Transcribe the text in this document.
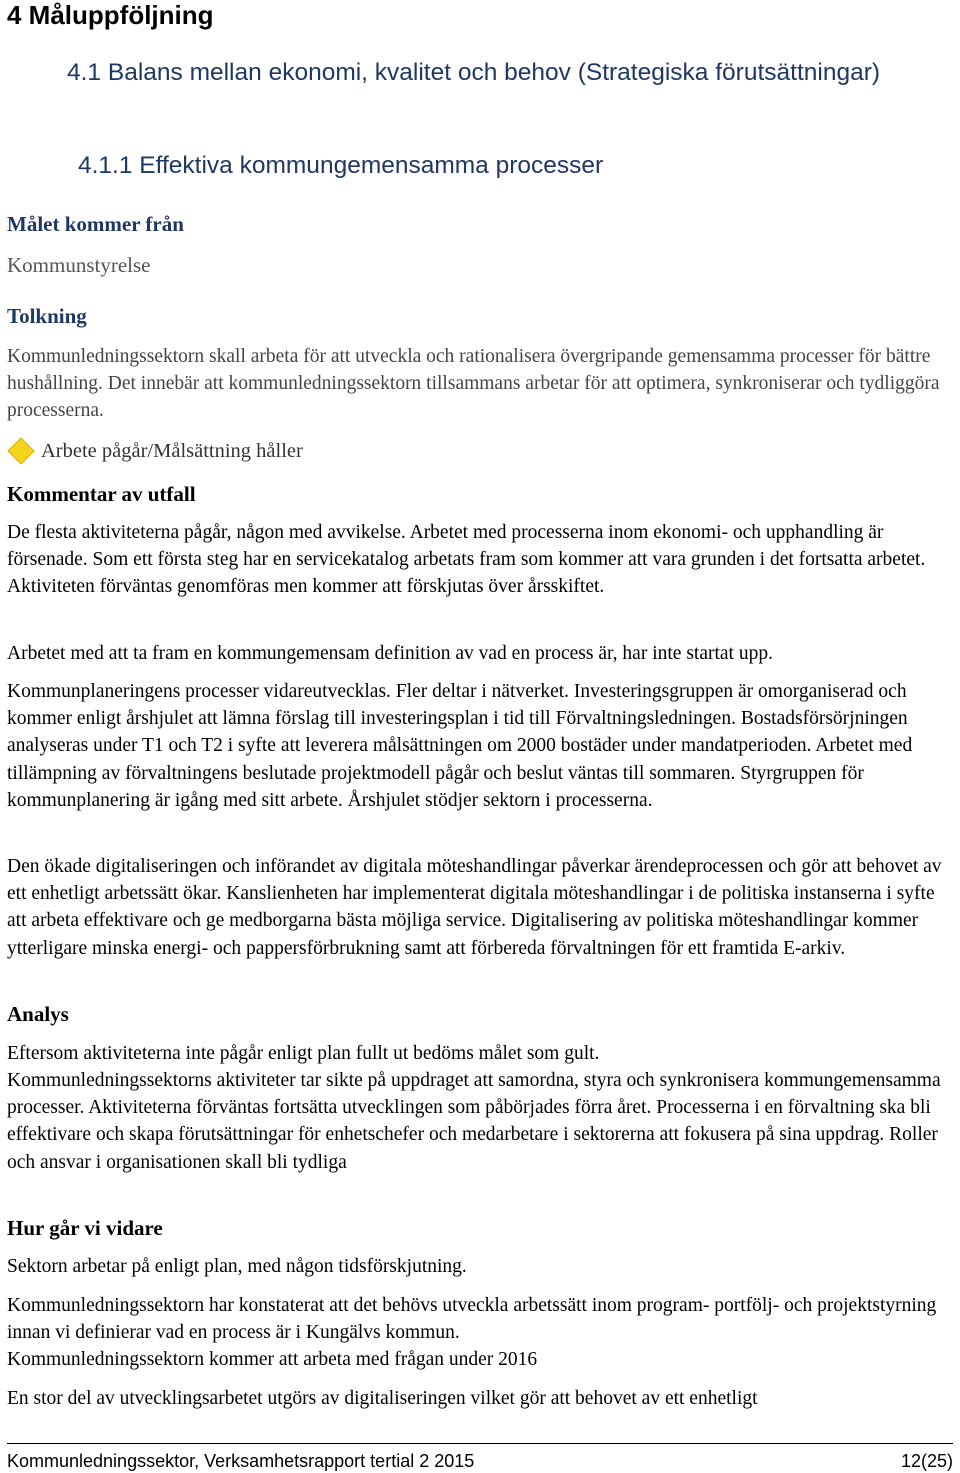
4 Måluppföljning
4.1 Balans mellan ekonomi, kvalitet och behov (Strategiska förutsättningar)
4.1.1 Effektiva kommungemensamma processer
Målet kommer från
Kommunstyrelse
Tolkning

Kommunledningssektorn skall arbeta för att utveckla och rationalisera övergripande gemensamma processer för bättre hushållning. Det innebär att kommunledningssektorn tillsammans arbetar för att optimera, synkroniserar och tydliggöra processerna.

Arbete pågår/Målsättning håller
Kommentar av utfall

De flesta aktiviteterna pågår, någon med avvikelse. Arbetet med processerna inom ekonomi- och upphandling är försenade. Som ett första steg har en servicekatalog arbetats fram som kommer att vara grunden i det fortsatta arbetet. Aktiviteten förväntas genomföras men kommer att förskjutas över årsskiftet.

Arbetet med att ta fram en kommungemensam definition av vad en process är, har inte startat upp.

Kommunplaneringens processer vidareutvecklas. Fler deltar i nätverket. Investeringsgruppen är omorganiserad och kommer enligt årshjulet att lämna förslag till investeringsplan i tid till Förvaltningsledningen. Bostadsförsörjningen analyseras under T1 och T2 i syfte att leverera målsättningen om 2000 bostäder under mandatperioden. Arbetet med tillämpning av förvaltningens beslutade projektmodell pågår och beslut väntas till sommaren. Styrgruppen för kommunplanering är igång med sitt arbete. Årshjulet stödjer sektorn i processerna.

Den ökade digitaliseringen och införandet av digitala möteshandlingar påverkar ärendeprocessen och gör att behovet av ett enhetligt arbetssätt ökar. Kanslienheten har implementerat digitala möteshandlingar i de politiska instanserna i syfte att arbeta effektivare och ge medborgarna bästa möjliga service. Digitalisering av politiska möteshandlingar kommer ytterligare minska energi- och pappersförbrukning samt att förbereda förvaltningen för ett framtida E-arkiv.

Analys

Eftersom aktiviteterna inte pågår enligt plan fullt ut bedöms målet som gult.

Kommunledningssektorns aktiviteter tar sikte på uppdraget att samordna, styra och synkronisera kommungemensamma processer. Aktiviteterna förväntas fortsätta utvecklingen som påbörjades förra året. Processerna i en förvaltning ska bli effektivare och skapa förutsättningar för enhetschefer och medarbetare i sektorerna att fokusera på sina uppdrag. Roller och ansvar i organisationen skall bli tydliga

Hur går vi vidare

Sektorn arbetar på enligt plan, med någon tidsförskjutning.

Kommunledningssektorn har konstaterat att det behövs utveckla arbetssätt inom program- portfölj- och projektstyrning innan vi definierar vad en process är i Kungälvs kommun.

Kommunledningssektorn kommer att arbeta med frågan under 2016

En stor del av utvecklingsarbetet utgörs av digitaliseringen vilket gör att behovet av ett enhetligt

Kommunledningssektor, Verksamhetsrapport tertial 2 2015	12(25)
